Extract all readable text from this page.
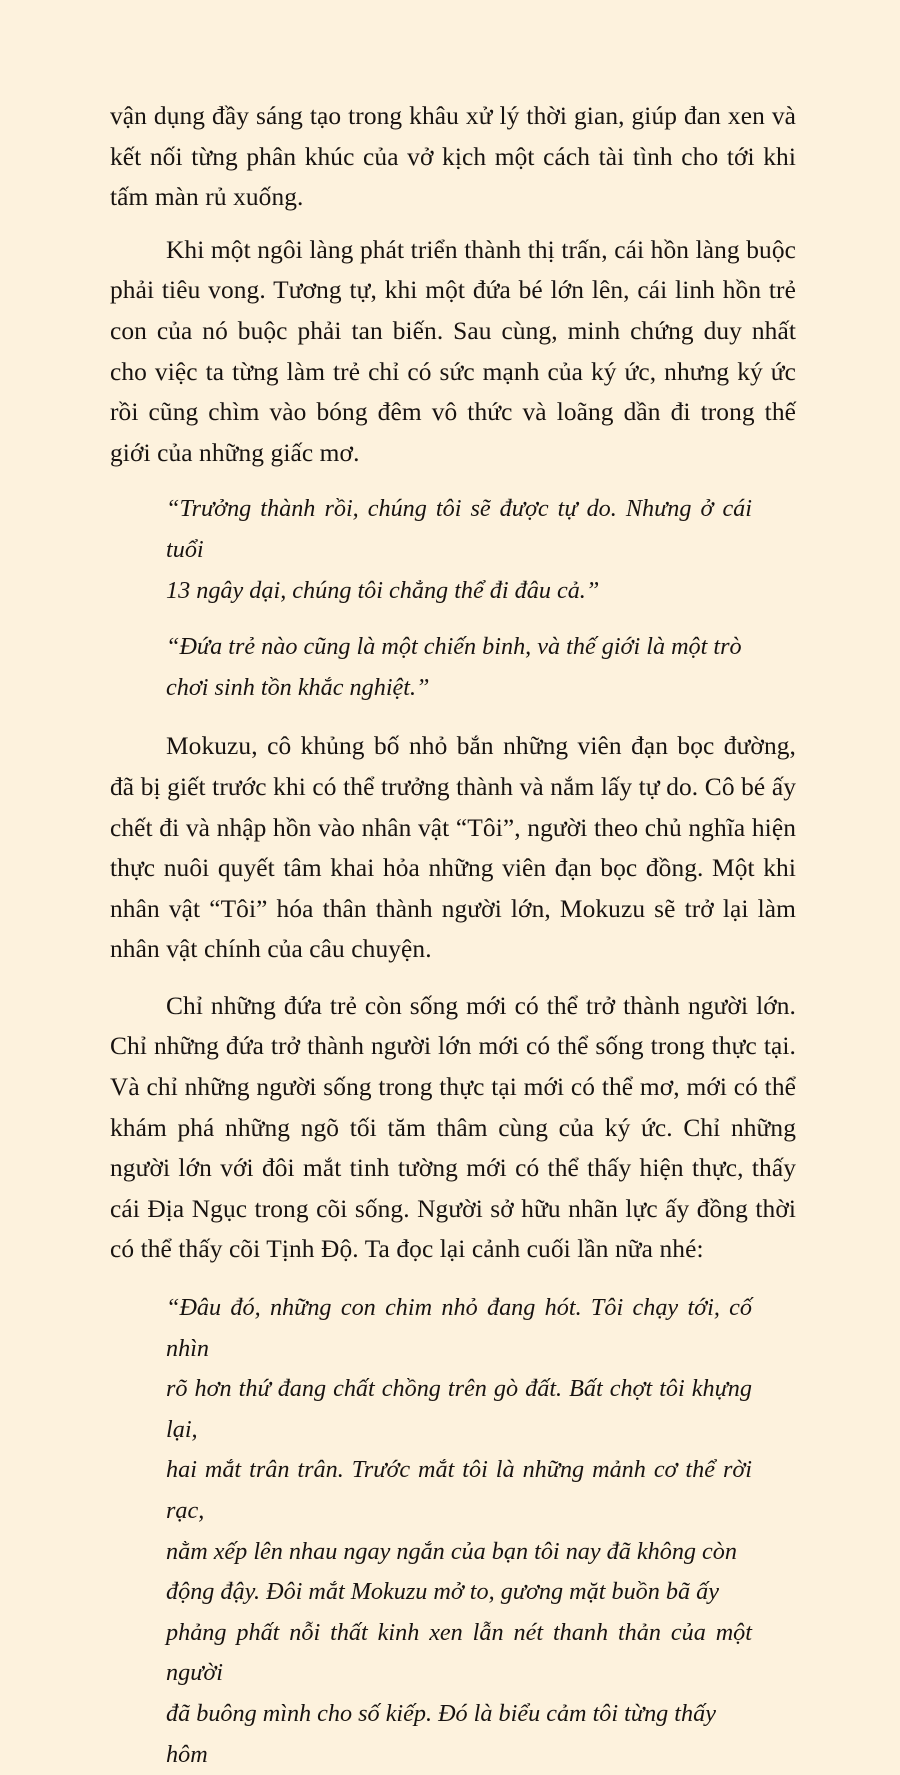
vận dụng đầy sáng tạo trong khâu xử lý thời gian, giúp đan xen và kết nối từng phân khúc của vở kịch một cách tài tình cho tới khi tấm màn rủ xuống.

Khi một ngôi làng phát triển thành thị trấn, cái hồn làng buộc phải tiêu vong. Tương tự, khi một đứa bé lớn lên, cái linh hồn trẻ con của nó buộc phải tan biến. Sau cùng, minh chứng duy nhất cho việc ta từng làm trẻ chỉ có sức mạnh của ký ức, nhưng ký ức rồi cũng chìm vào bóng đêm vô thức và loãng dần đi trong thế giới của những giấc mơ.

“Trưởng thành rồi, chúng tôi sẽ được tự do. Nhưng ở cái tuổi
13 ngây dại, chúng tôi chẳng thể đi đâu cả.”
“Đứa trẻ nào cũng là một chiến binh, và thế giới là một trò
chơi sinh tồn khắc nghiệt.”

Mokuzu, cô khủng bố nhỏ bắn những viên đạn bọc đường, đã bị giết trước khi có thể trưởng thành và nắm lấy tự do. Cô bé ấy chết đi và nhập hồn vào nhân vật “Tôi”, người theo chủ nghĩa hiện thực nuôi quyết tâm khai hỏa những viên đạn bọc đồng. Một khi nhân vật “Tôi” hóa thân thành người lớn, Mokuzu sẽ trở lại làm nhân vật chính của câu chuyện.

Chỉ những đứa trẻ còn sống mới có thể trở thành người lớn. Chỉ những đứa trở thành người lớn mới có thể sống trong thực tại. Và chỉ những người sống trong thực tại mới có thể mơ, mới có thể khám phá những ngõ tối tăm thâm cùng của ký ức. Chỉ những người lớn với đôi mắt tinh tường mới có thể thấy hiện thực, thấy cái Địa Ngục trong cõi sống. Người sở hữu nhãn lực ấy đồng thời có thể thấy cõi Tịnh Độ. Ta đọc lại cảnh cuối lần nữa nhé:

“Đâu đó, những con chim nhỏ đang hót. Tôi chạy tới, cố nhìn
rõ hơn thứ đang chất chồng trên gò đất. Bất chợt tôi khựng lại,
hai mắt trân trân. Trước mắt tôi là những mảnh cơ thể rời rạc,
nằm xếp lên nhau ngay ngắn của bạn tôi nay đã không còn
động đậy. Đôi mắt Mokuzu mở to, gương mặt buồn bã ấy
phảng phất nỗi thất kinh xen lẫn nét thanh thản của một người
đã buông mình cho số kiếp. Đó là biểu cảm tôi từng thấy hôm
